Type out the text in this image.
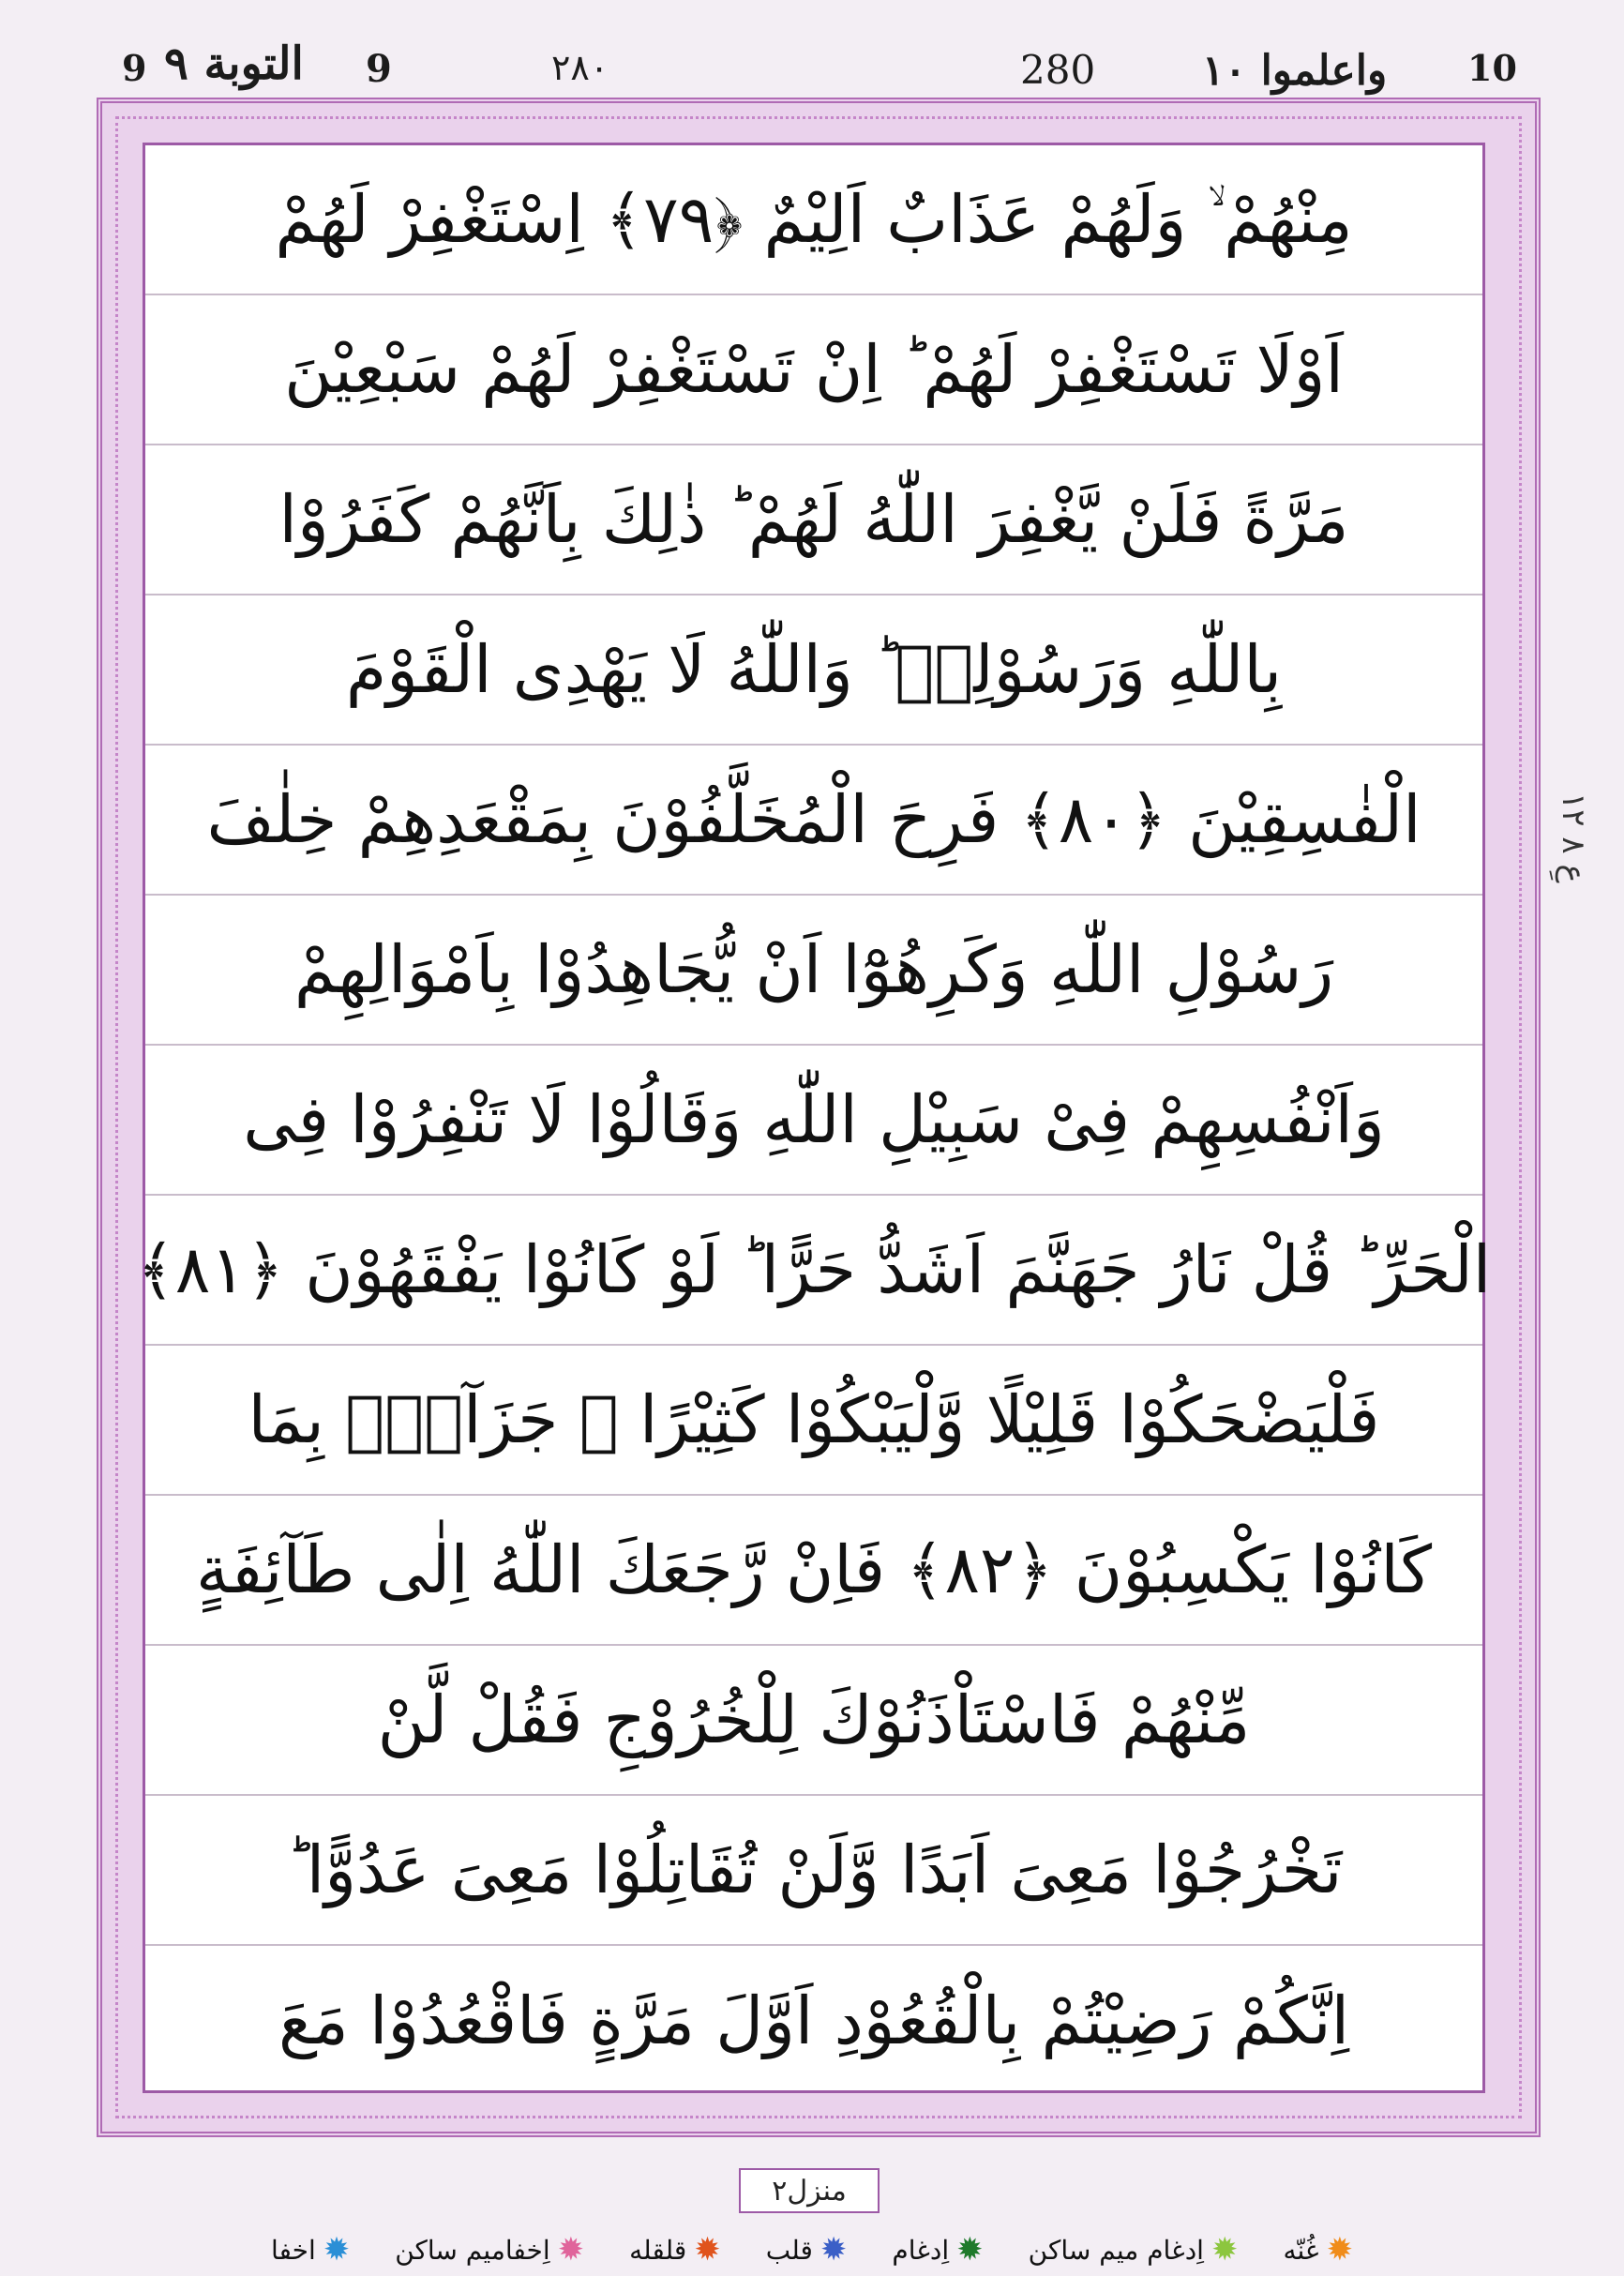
9 التوبة ٩ 9	٢٨٠	280	واعلموا ١٠ 10
مِنْهُمْ ۙ وَلَهُمْ عَذَابٌ اَلِيْمٌ ﴿۷۹﴾ اِسْتَغْفِرْ لَهُمْ
اَوْلَا تَسْتَغْفِرْ لَهُمْ ؕ اِنْ تَسْتَغْفِرْ لَهُمْ سَبْعِيْنَ
مَرَّةً فَلَنْ يَّغْفِرَ اللّٰهُ لَهُمْ ؕ ذٰلِكَ بِاَنَّهُمْ كَفَرُوْا
بِاللّٰهِ وَرَسُوْلِهٖ ؕ وَاللّٰهُ لَا يَهْدِى الْقَوْمَ
الْفٰسِقِيْنَ ﴿۸۰﴾ فَرِحَ الْمُخَلَّفُوْنَ بِمَقْعَدِهِمْ خِلٰفَ
رَسُوْلِ اللّٰهِ وَكَرِهُوْٓا اَنْ يُّجَاهِدُوْا بِاَمْوَالِهِمْ
وَاَنْفُسِهِمْ فِىْ سَبِيْلِ اللّٰهِ وَقَالُوْا لَا تَنْفِرُوْا فِى
الْحَرِّ ؕ قُلْ نَارُ جَهَنَّمَ اَشَدُّ حَرًّا ؕ لَوْ كَانُوْا يَفْقَهُوْنَ ﴿۸۱﴾
فَلْيَضْحَكُوْا قَلِيْلًا وَّلْيَبْكُوْا كَثِيْرًا ۚ جَزَآءًۢ بِمَا
كَانُوْا يَكْسِبُوْنَ ﴿۸۲﴾ فَاِنْ رَّجَعَكَ اللّٰهُ اِلٰى طَآئِفَةٍ
مِّنْهُمْ فَاسْتَاْذَنُوْكَ لِلْخُرُوْجِ فَقُلْ لَّنْ
تَخْرُجُوْا مَعِىَ اَبَدًا وَّلَنْ تُقَاتِلُوْا مَعِىَ عَدُوًّا ؕ
اِنَّكُمْ رَضِيْتُمْ بِالْقُعُوْدِ اَوَّلَ مَرَّةٍ فَاقْعُدُوْا مَعَ
عِ ٨ ١٢
منزل٢
✹
اخفا	✹
اِخفاميم ساكن	✹
قلقله	✹
قلب	✹
اِدغام	✹
اِدغام ميم ساكن	✹
غُنّه
